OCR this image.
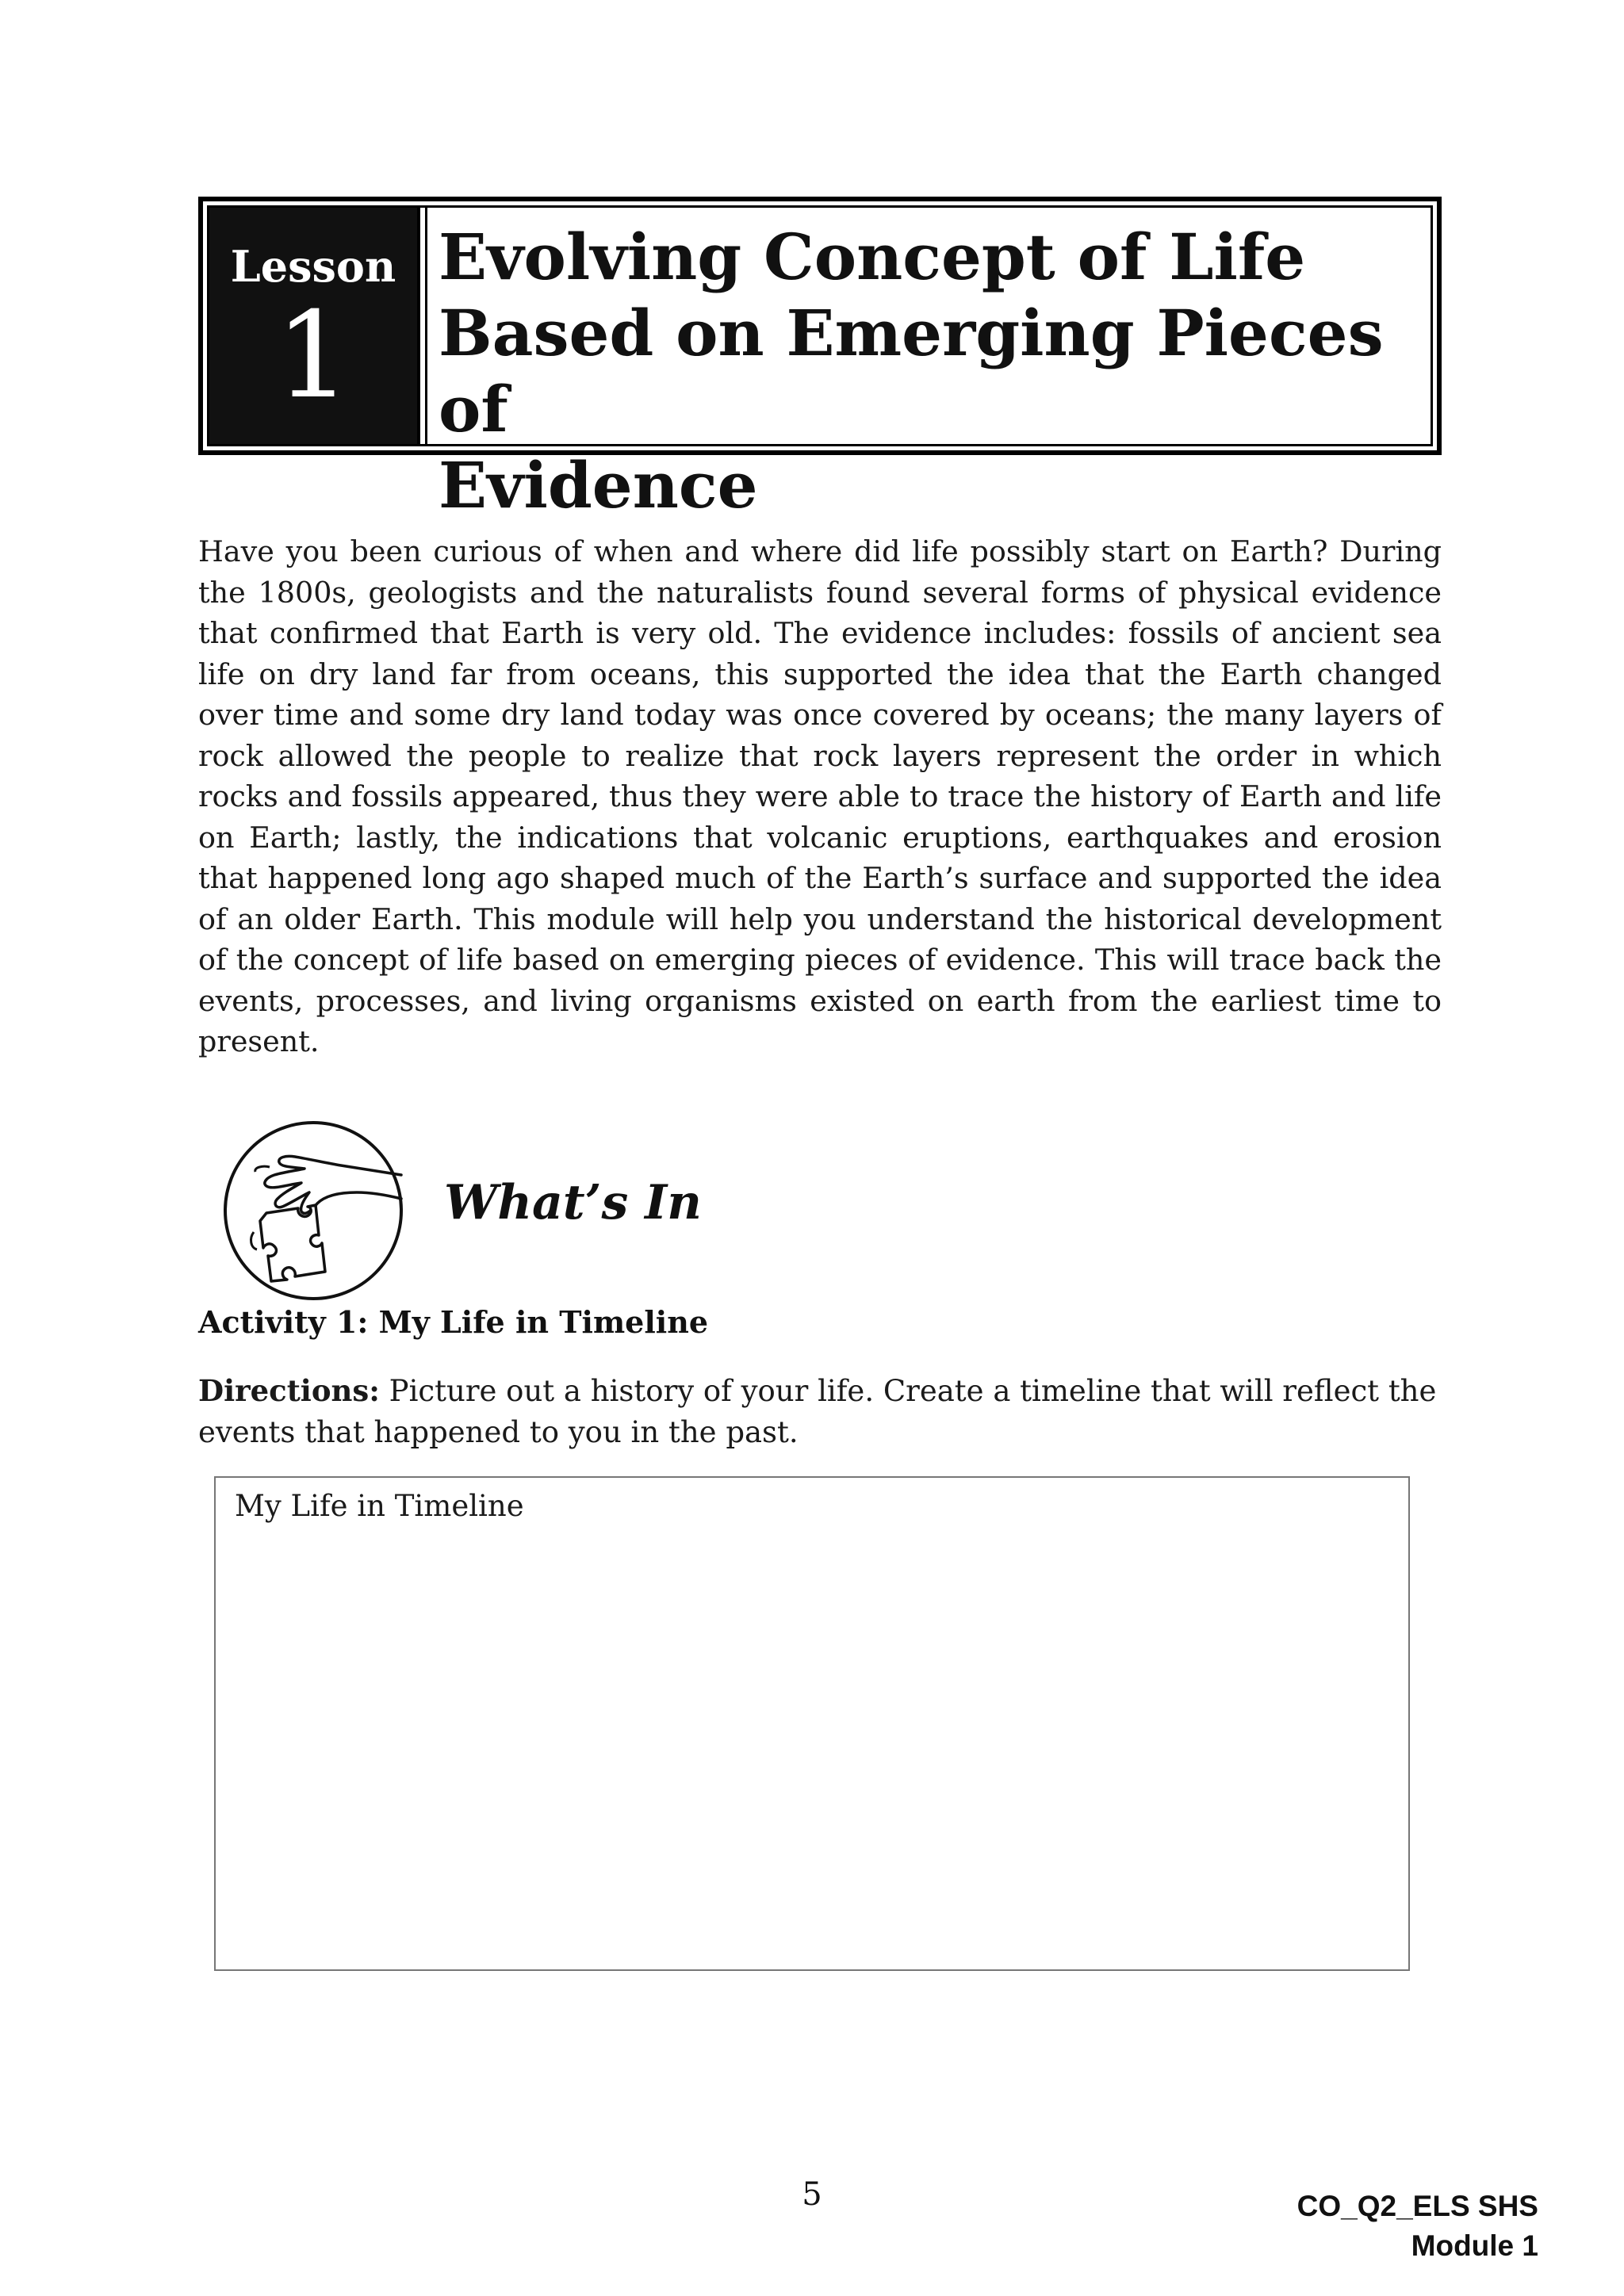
Lesson
1
Evolving Concept of Life
Based on Emerging Pieces of
Evidence

Have you been curious of when and where did life possibly start on Earth? During the 1800s, geologists and the naturalists found several forms of physical evidence that confirmed that Earth is very old. The evidence includes: fossils of ancient sea life on dry land far from oceans, this supported the idea that the Earth changed over time and some dry land today was once covered by oceans; the many layers of rock allowed the people to realize that rock layers represent the order in which rocks and fossils appeared, thus they were able to trace the history of Earth and life on Earth; lastly, the indications that volcanic eruptions, earthquakes and erosion that happened long ago shaped much of the Earth’s surface and supported the idea of an older Earth. This module will help you understand the historical development of the concept of life based on emerging pieces of evidence. This will trace back the events, processes, and living organisms existed on earth from the earliest time to present.

What’s In
Activity 1: My Life in Timeline

Directions: Picture out a history of your life. Create a timeline that will reflect the events that happened to you in the past.

My Life in Timeline
5	CO_Q2_ELS SHS
Module 1
